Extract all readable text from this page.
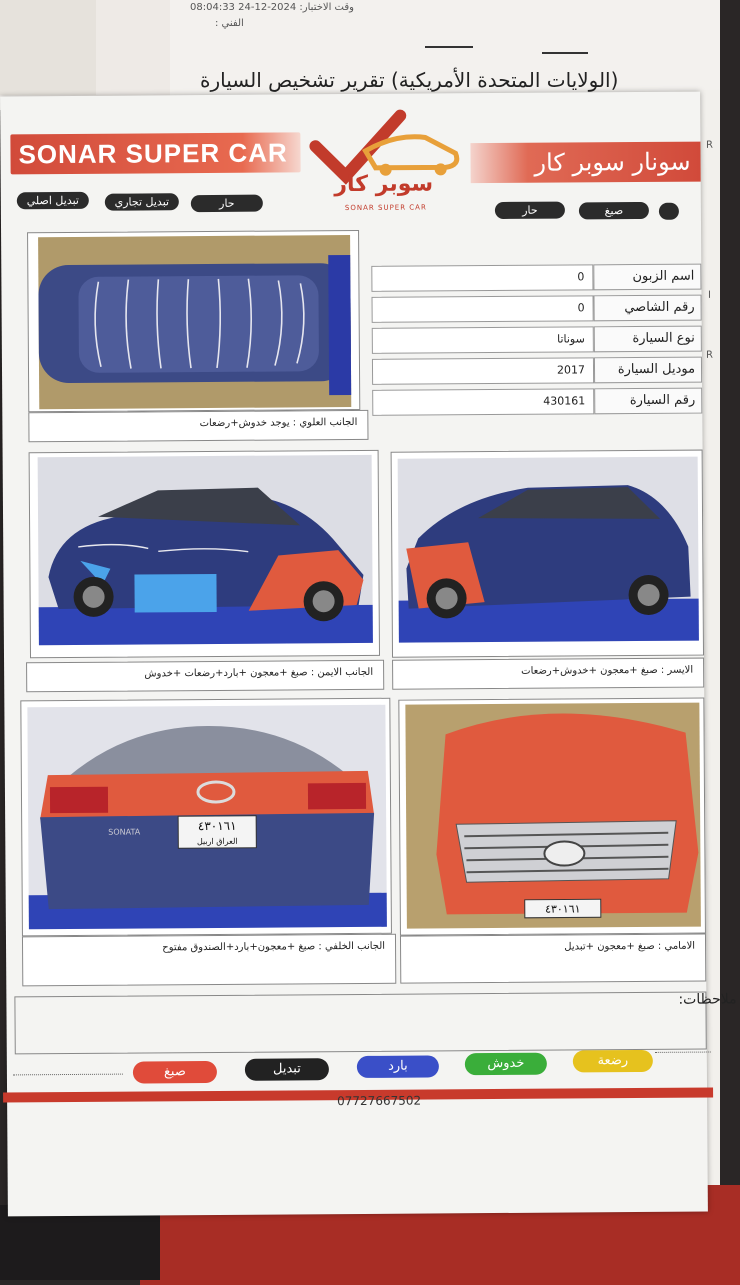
وقت الاختبار: 2024-12-24 08:04:33
الفني :
(الولايات المتحدة الأمريكية) تقرير تشخيص السيارة
R
I
R
SONAR SUPER CAR	سونار سوبر كار
سوبر كار
SONAR SUPER CAR
تبديل اصلي	تبديل تجاري	حار
حار	صبغ
0	اسم الزبون
0	رقم الشاصي
سوناتا	نوع السيارة
2017	موديل السيارة
430161	رقم السيارة
الجانب العلوي : يوجد خدوش+رضعات
الجانب الايمن : صبغ +معجون +بارد+رضعات +خدوش	الايسر : صبغ +معجون +خدوش+رضعات
٤٣٠١٦١
العراق اربيل
SONATA
الجانب الخلفي : صبغ +معجون+بارد+الصندوق مفتوح
٤٣٠١٦١
الامامي : صبغ +معجون +تبديل
ملاحظات:
صبغ	تبديل	بارد	خدوش	رضعة
07727667502
